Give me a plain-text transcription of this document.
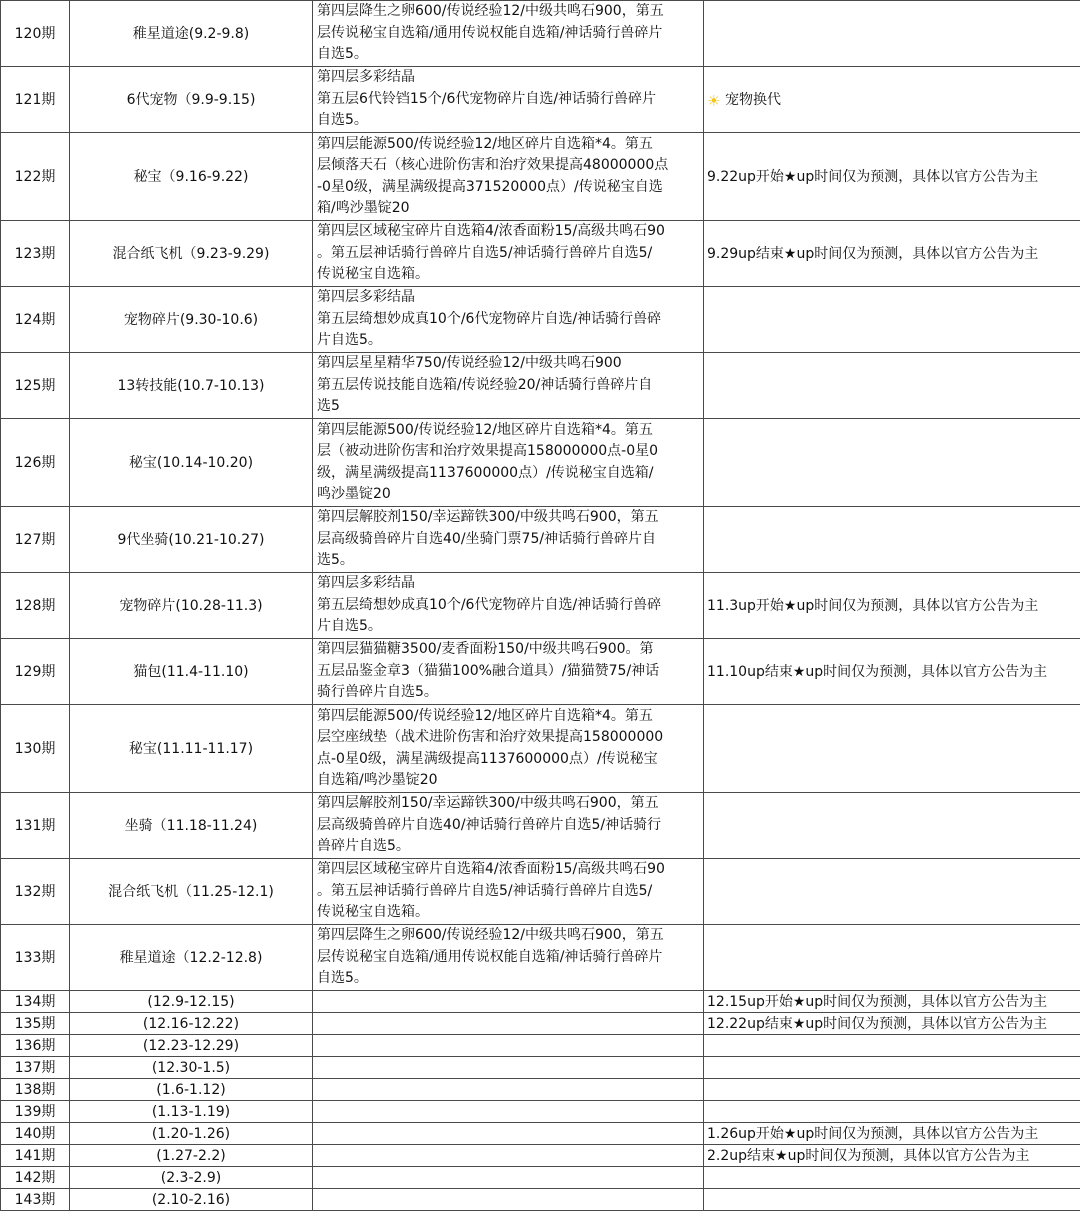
120期	稚星道途(9.2-9.8)	第四层降生之卵600/传说经验12/中级共鸣石900，第五
层传说秘宝自选箱/通用传说权能自选箱/神话骑行兽碎片
自选5。	
121期	6代宠物（9.9-9.15)	第四层多彩结晶
第五层6代铃铛15个/6代宠物碎片自选/神话骑行兽碎片
自选5。	☀ 宠物换代
122期	秘宝（9.16-9.22)	第四层能源500/传说经验12/地区碎片自选箱*4。第五
层倾落天石（核心进阶伤害和治疗效果提高48000000点
-0星0级，满星满级提高371520000点）/传说秘宝自选
箱/鸣沙墨锭20	9.22up开始★up时间仅为预测，具体以官方公告为主
123期	混合纸飞机（9.23-9.29)	第四层区域秘宝碎片自选箱4/浓香面粉15/高级共鸣石90
。第五层神话骑行兽碎片自选5/神话骑行兽碎片自选5/
传说秘宝自选箱。	9.29up结束★up时间仅为预测，具体以官方公告为主
124期	宠物碎片(9.30-10.6)	第四层多彩结晶
第五层绮想妙成真10个/6代宠物碎片自选/神话骑行兽碎
片自选5。	
125期	13转技能(10.7-10.13)	第四层星星精华750/传说经验12/中级共鸣石900
第五层传说技能自选箱/传说经验20/神话骑行兽碎片自
选5	
126期	秘宝(10.14-10.20)	第四层能源500/传说经验12/地区碎片自选箱*4。第五
层（被动进阶伤害和治疗效果提高158000000点-0星0
级，满星满级提高1137600000点）/传说秘宝自选箱/
鸣沙墨锭20	
127期	9代坐骑(10.21-10.27)	第四层解胶剂150/幸运蹄铁300/中级共鸣石900，第五
层高级骑兽碎片自选40/坐骑门票75/神话骑行兽碎片自
选5。	
128期	宠物碎片(10.28-11.3)	第四层多彩结晶
第五层绮想妙成真10个/6代宠物碎片自选/神话骑行兽碎
片自选5。	11.3up开始★up时间仅为预测，具体以官方公告为主
129期	猫包(11.4-11.10)	第四层猫猫糖3500/麦香面粉150/中级共鸣石900。第
五层品鉴金章3（猫猫100%融合道具）/猫猫赞75/神话
骑行兽碎片自选5。	11.10up结束★up时间仅为预测，具体以官方公告为主
130期	秘宝(11.11-11.17)	第四层能源500/传说经验12/地区碎片自选箱*4。第五
层空座绒垫（战术进阶伤害和治疗效果提高158000000
点-0星0级，满星满级提高1137600000点）/传说秘宝
自选箱/鸣沙墨锭20	
131期	坐骑（11.18-11.24)	第四层解胶剂150/幸运蹄铁300/中级共鸣石900，第五
层高级骑兽碎片自选40/神话骑行兽碎片自选5/神话骑行
兽碎片自选5。	
132期	混合纸飞机（11.25-12.1)	第四层区域秘宝碎片自选箱4/浓香面粉15/高级共鸣石90
。第五层神话骑行兽碎片自选5/神话骑行兽碎片自选5/
传说秘宝自选箱。	
133期	稚星道途（12.2-12.8)	第四层降生之卵600/传说经验12/中级共鸣石900，第五
层传说秘宝自选箱/通用传说权能自选箱/神话骑行兽碎片
自选5。	
134期	(12.9-12.15)		12.15up开始★up时间仅为预测，具体以官方公告为主
135期	(12.16-12.22)		12.22up结束★up时间仅为预测，具体以官方公告为主
136期	(12.23-12.29)		
137期	(12.30-1.5)		
138期	(1.6-1.12)		
139期	(1.13-1.19)		
140期	(1.20-1.26)		1.26up开始★up时间仅为预测，具体以官方公告为主
141期	(1.27-2.2)		2.2up结束★up时间仅为预测，具体以官方公告为主
142期	(2.3-2.9)		
143期	(2.10-2.16)		
